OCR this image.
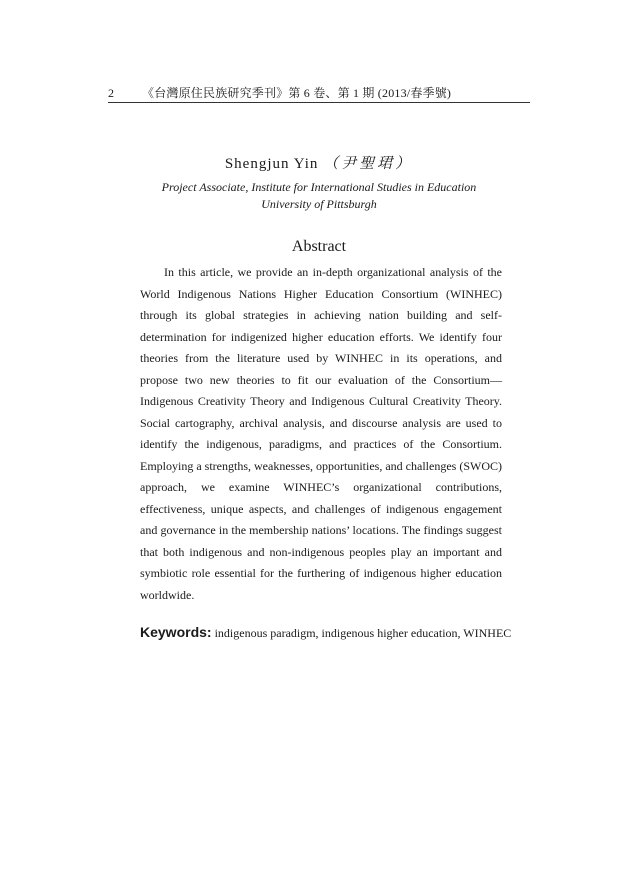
2 《台灣原住民族研究季刊》第 6 卷、第 1 期 (2013/春季號)
Shengjun Yin （尹聖珺）
Project Associate, Institute for International Studies in Education
University of Pittsburgh
Abstract

In this article, we provide an in-depth organizational analysis of the World Indigenous Nations Higher Education Consortium (WINHEC) through its global strategies in achieving nation building and self-determination for indigenized higher education efforts. We identify four theories from the literature used by WINHEC in its operations, and propose two new theories to fit our evaluation of the Consortium—Indigenous Creativity Theory and Indigenous Cultural Creativity Theory. Social cartography, archival analysis, and discourse analysis are used to identify the indigenous, paradigms, and practices of the Consortium. Employing a strengths, weaknesses, opportunities, and challenges (SWOC) approach, we examine WINHEC’s organizational contributions, effectiveness, unique aspects, and challenges of indigenous engagement and governance in the membership nations’ locations. The findings suggest that both indigenous and non-indigenous peoples play an important and symbiotic role essential for the furthering of indigenous higher education worldwide.

Keywords: indigenous paradigm, indigenous higher education, WINHEC
